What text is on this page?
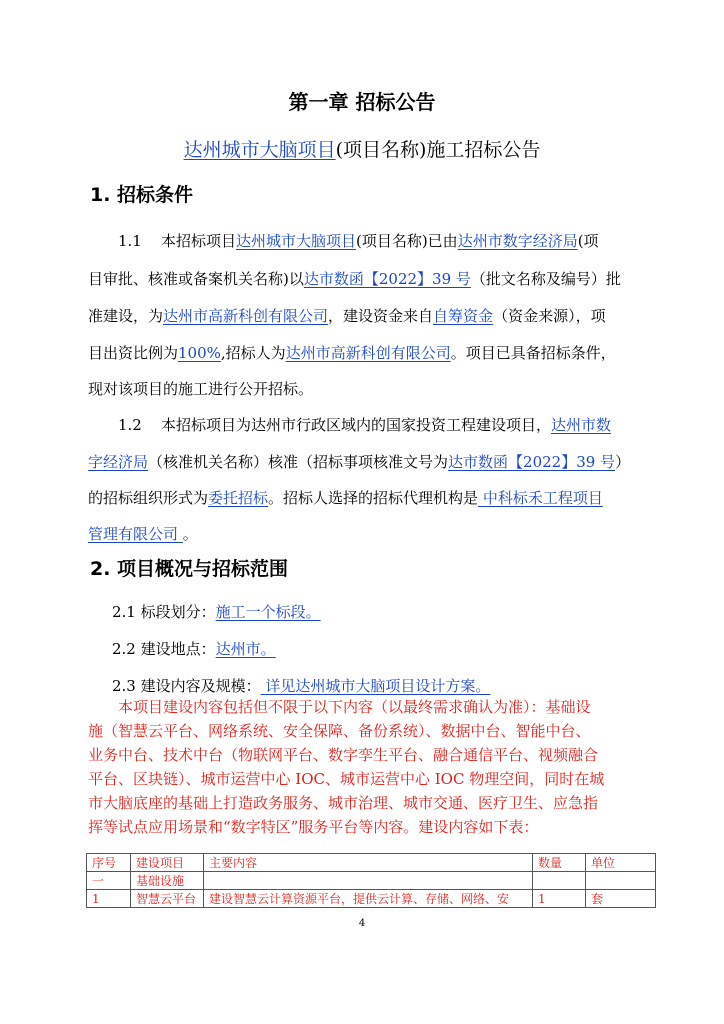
第一章 招标公告
达州城市大脑项目(项目名称)施工招标公告
1. 招标条件
1.1 本招标项目达州城市大脑项目(项目名称)已由达州市数字经济局(项
目审批、核准或备案机关名称)以达市数函【2022】39 号（批文名称及编号）批
准建设，为达州市高新科创有限公司，建设资金来自自筹资金（资金来源），项
目出资比例为100%,招标人为达州市高新科创有限公司。项目已具备招标条件，
现对该项目的施工进行公开招标。
1.2 本招标项目为达州市行政区域内的国家投资工程建设项目，达州市数
字经济局（核准机关名称）核准（招标事项核准文号为达市数函【2022】39 号）
的招标组织形式为委托招标。招标人选择的招标代理机构是 中科标禾工程项目
管理有限公司 。
2. 项目概况与招标范围
2.1 标段划分：施工一个标段。
2.2 建设地点：达州市。
2.3 建设内容及规模： 详见达州城市大脑项目设计方案。
本项目建设内容包括但不限于以下内容（以最终需求确认为准）：基础设
施（智慧云平台、网络系统、安全保障、备份系统）、数据中台、智能中台、
业务中台、技术中台（物联网平台、数字孪生平台、融合通信平台、视频融合
平台、区块链）、城市运营中心 IOC、城市运营中心 IOC 物理空间，同时在城
市大脑底座的基础上打造政务服务、城市治理、城市交通、医疗卫生、应急指
挥等试点应用场景和“数字特区”服务平台等内容。建设内容如下表：
序号	建设项目	主要内容	数量	单位
一	基础设施			
1	智慧云平台	建设智慧云计算资源平台，提供云计算、存储、网络、安	1	套
4
